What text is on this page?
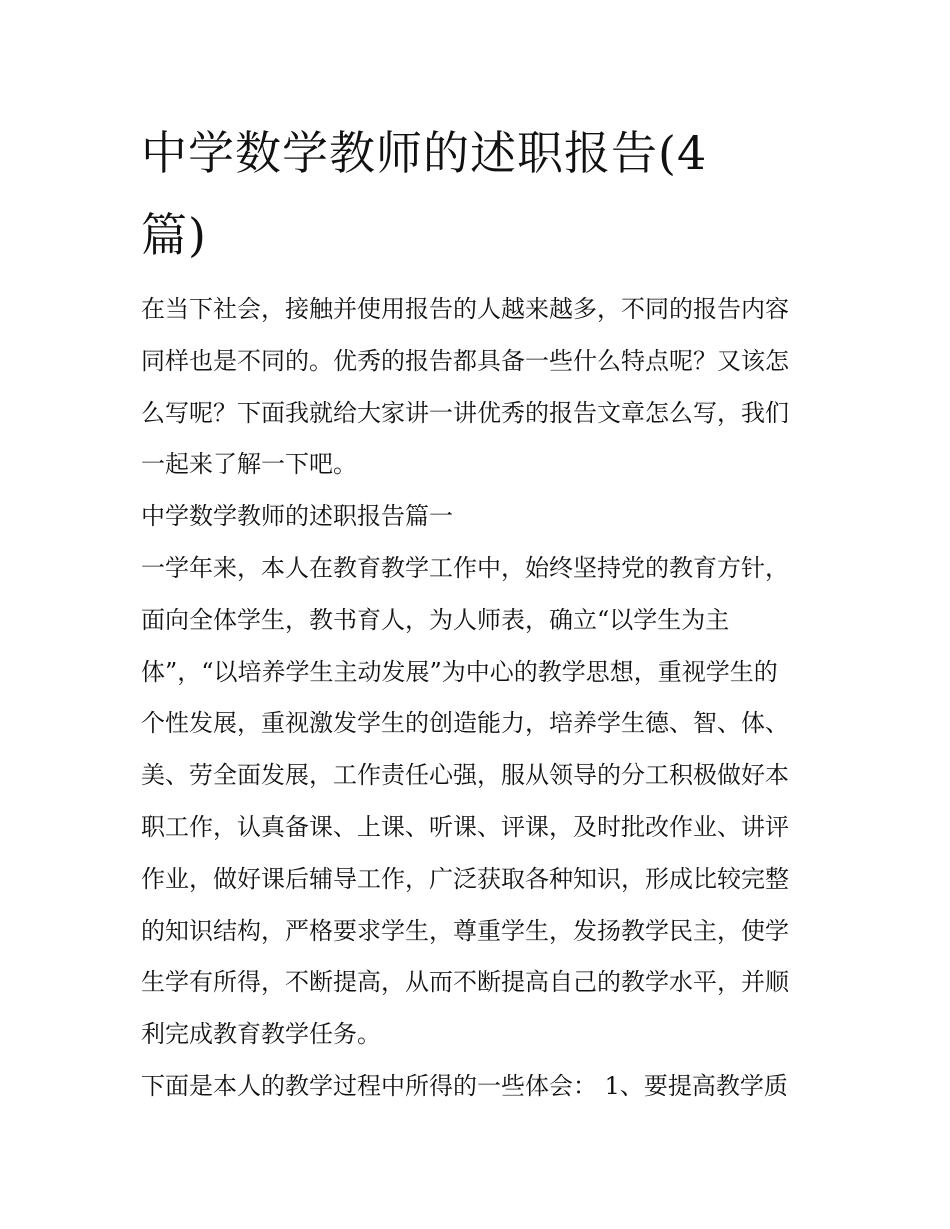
中学数学教师的述职报告(4
篇)

在当下社会，接触并使用报告的人越来越多，不同的报告内容

同样也是不同的。优秀的报告都具备一些什么特点呢？又该怎

么写呢？下面我就给大家讲一讲优秀的报告文章怎么写，我们

一起来了解一下吧。

中学数学教师的述职报告篇一

一学年来，本人在教育教学工作中，始终坚持党的教育方针，

面向全体学生，教书育人，为人师表，确立“以学生为主

体”，“以培养学生主动发展”为中心的教学思想，重视学生的

个性发展，重视激发学生的创造能力，培养学生德、智、体、

美、劳全面发展，工作责任心强，服从领导的分工积极做好本

职工作，认真备课、上课、听课、评课，及时批改作业、讲评

作业，做好课后辅导工作，广泛获取各种知识，形成比较完整

的知识结构，严格要求学生，尊重学生，发扬教学民主，使学

生学有所得，不断提高，从而不断提高自己的教学水平，并顺

利完成教育教学任务。

下面是本人的教学过程中所得的一些体会： 1、要提高教学质
